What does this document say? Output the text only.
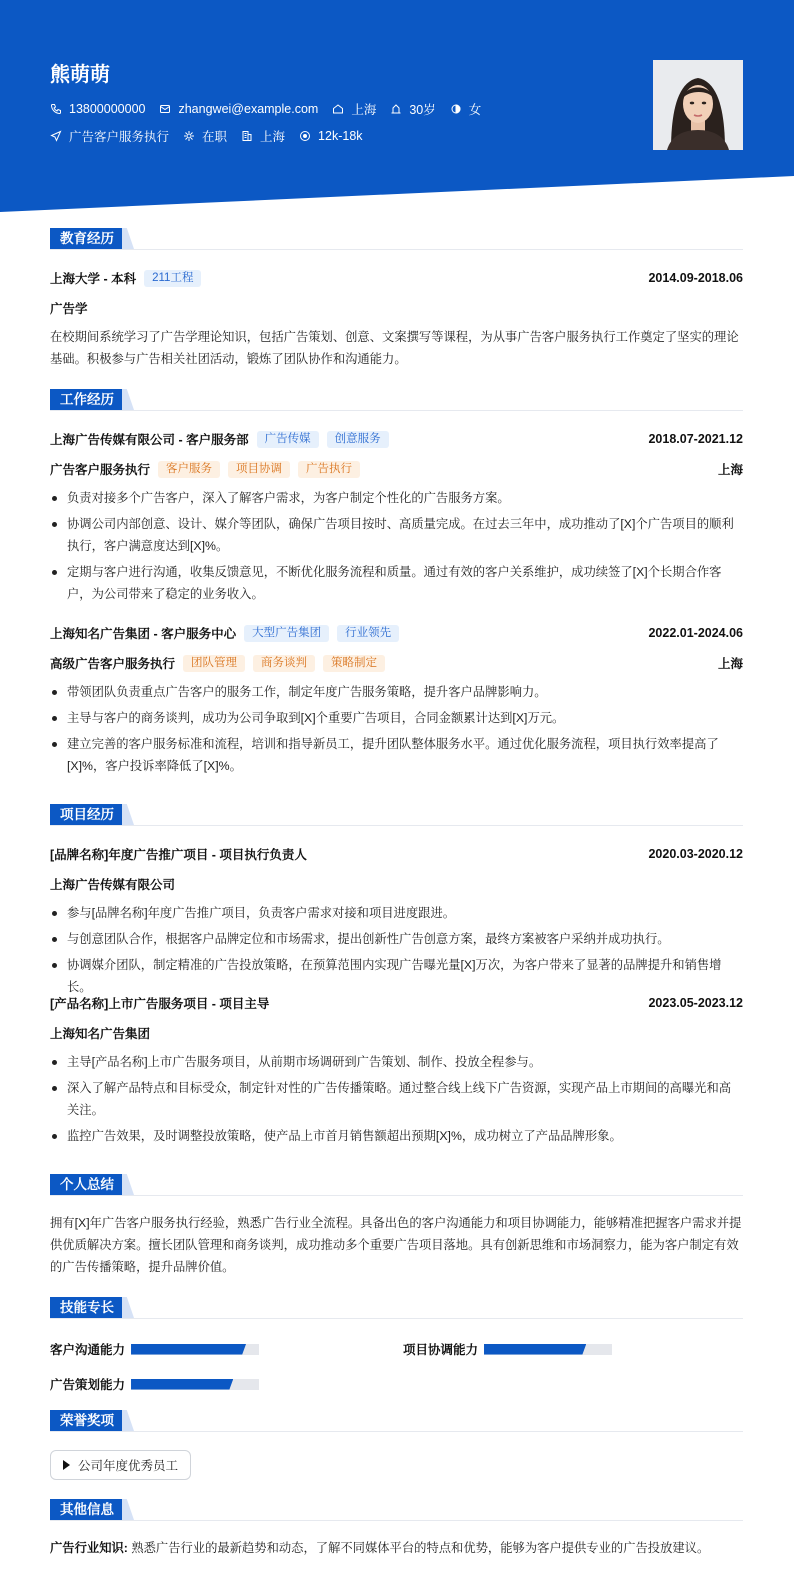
熊萌萌
13800000000	zhangwei@example.com	上海	30岁	女
广告客户服务执行	在职	上海	12k-18k
教育经历
上海大学 - 本科	211工程	2014.09-2018.06
广告学
在校期间系统学习了广告学理论知识，包括广告策划、创意、文案撰写等课程，为从事广告客户服务执行工作奠定了坚实的理论基础。积极参与广告相关社团活动，锻炼了团队协作和沟通能力。
工作经历
上海广告传媒有限公司 - 客户服务部	广告传媒	创意服务	2018.07-2021.12
广告客户服务执行	客户服务	项目协调	广告执行	上海
负责对接多个广告客户，深入了解客户需求，为客户制定个性化的广告服务方案。
协调公司内部创意、设计、媒介等团队，确保广告项目按时、高质量完成。在过去三年中，成功推动了[X]个广告项目的顺利执行，客户满意度达到[X]%。
定期与客户进行沟通，收集反馈意见，不断优化服务流程和质量。通过有效的客户关系维护，成功续签了[X]个长期合作客户，为公司带来了稳定的业务收入。
上海知名广告集团 - 客户服务中心	大型广告集团	行业领先	2022.01-2024.06
高级广告客户服务执行	团队管理	商务谈判	策略制定	上海
带领团队负责重点广告客户的服务工作，制定年度广告服务策略，提升客户品牌影响力。
主导与客户的商务谈判，成功为公司争取到[X]个重要广告项目，合同金额累计达到[X]万元。
建立完善的客户服务标准和流程，培训和指导新员工，提升团队整体服务水平。通过优化服务流程，项目执行效率提高了[X]%，客户投诉率降低了[X]%。
项目经历
[品牌名称]年度广告推广项目 - 项目执行负责人	2020.03-2020.12
上海广告传媒有限公司
参与[品牌名称]年度广告推广项目，负责客户需求对接和项目进度跟进。
与创意团队合作，根据客户品牌定位和市场需求，提出创新性广告创意方案，最终方案被客户采纳并成功执行。
协调媒介团队，制定精准的广告投放策略，在预算范围内实现广告曝光量[X]万次，为客户带来了显著的品牌提升和销售增长。
[产品名称]上市广告服务项目 - 项目主导	2023.05-2023.12
上海知名广告集团
主导[产品名称]上市广告服务项目，从前期市场调研到广告策划、制作、投放全程参与。
深入了解产品特点和目标受众，制定针对性的广告传播策略。通过整合线上线下广告资源，实现产品上市期间的高曝光和高关注。
监控广告效果，及时调整投放策略，使产品上市首月销售额超出预期[X]%，成功树立了产品品牌形象。
个人总结
拥有[X]年广告客户服务执行经验，熟悉广告行业全流程。具备出色的客户沟通能力和项目协调能力，能够精准把握客户需求并提供优质解决方案。擅长团队管理和商务谈判，成功推动多个重要广告项目落地。具有创新思维和市场洞察力，能为客户制定有效的广告传播策略，提升品牌价值。
技能专长
客户沟通能力	项目协调能力
广告策划能力
荣誉奖项
公司年度优秀员工
其他信息
广告行业知识: 熟悉广告行业的最新趋势和动态，了解不同媒体平台的特点和优势，能够为客户提供专业的广告投放建议。
